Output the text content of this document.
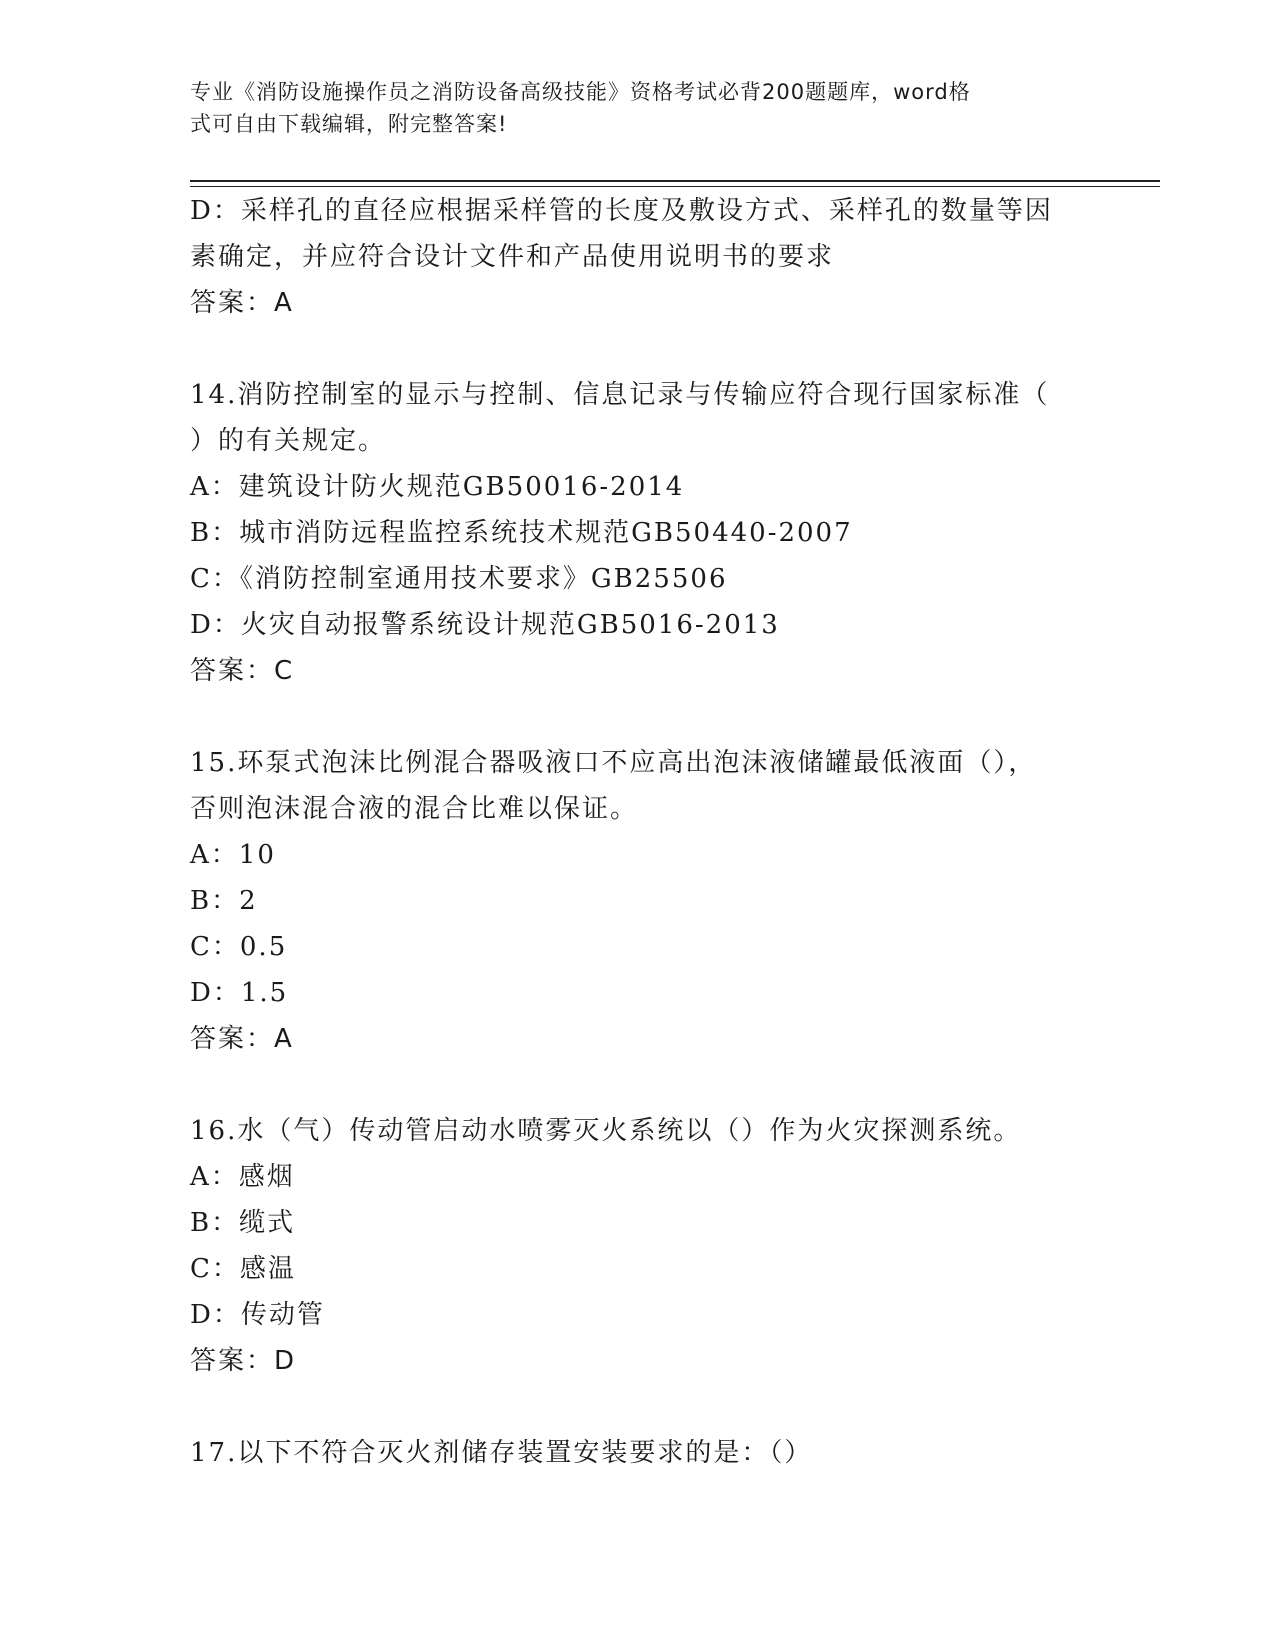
专业《消防设施操作员之消防设备高级技能》资格考试必背200题题库，word格
式可自由下载编辑，附完整答案!

D：采样孔的直径应根据采样管的长度及敷设方式、采样孔的数量等因

素确定，并应符合设计文件和产品使用说明书的要求

答案：A

14.消防控制室的显示与控制、信息记录与传输应符合现行国家标准（

）的有关规定。

A：建筑设计防火规范GB50016-2014

B：城市消防远程监控系统技术规范GB50440-2007

C：《消防控制室通用技术要求》GB25506

D：火灾自动报警系统设计规范GB5016-2013

答案：C

15.环泵式泡沫比例混合器吸液口不应高出泡沫液储罐最低液面（），

否则泡沫混合液的混合比难以保证。

A：10

B：2

C：0.5

D：1.5

答案：A

16.水（气）传动管启动水喷雾灭火系统以（）作为火灾探测系统。

A：感烟

B：缆式

C：感温

D：传动管

答案：D

17.以下不符合灭火剂储存装置安装要求的是：（）
